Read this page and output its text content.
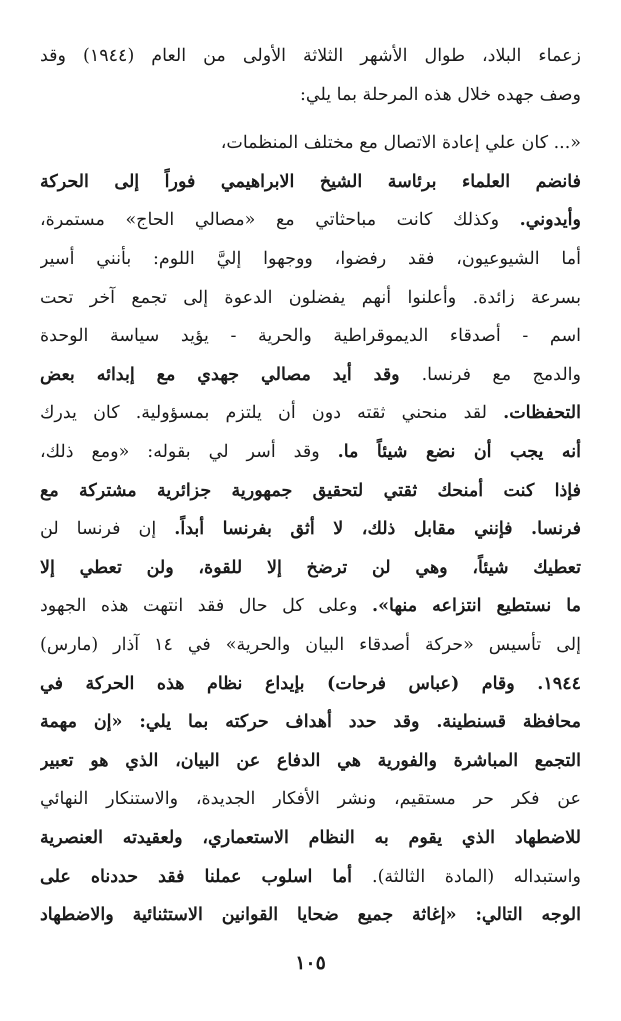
زعماء البلاد، طوال الأشهر الثلاثة الأولى من العام (١٩٤٤) وقد
وصف جهده خلال هذه المرحلة بما يلي:
«... كان علي إعادة الاتصال مع مختلف المنظمات،
فانضم العلماء برئاسة الشيخ الابراهيمي فوراً إلى الحركة
وأيدوني. وكذلك كانت مباحثاتي مع «مصالي الحاج» مستمرة،
أما الشيوعيون، فقد رفضوا، ووجهوا إليَّ اللوم: بأنني أسير
بسرعة زائدة. وأعلنوا أنهم يفضلون الدعوة إلى تجمع آخر تحت
اسم - أصدقاء الديموقراطية والحرية - يؤيد سياسة الوحدة
والدمج مع فرنسا. وقد أيد مصالي جهدي مع إبدائه بعض
التحفظات. لقد منحني ثقته دون أن يلتزم بمسؤولية. كان يدرك
أنه يجب أن نضع شيئاً ما. وقد أسر لي بقوله: «ومع ذلك،
فإذا كنت أمنحك ثقتي لتحقيق جمهورية جزائرية مشتركة مع
فرنسا. فإنني مقابل ذلك، لا أثق بفرنسا أبداً. إن فرنسا لن
تعطيك شيئاً، وهي لن ترضخ إلا للقوة، ولن تعطي إلا
ما نستطيع انتزاعه منها». وعلى كل حال فقد انتهت هذه الجهود
إلى تأسيس «حركة أصدقاء البيان والحرية» في ١٤ آذار (مارس)
١٩٤٤. وقام (عباس فرحات) بإيداع نظام هذه الحركة في
محافظة قسنطينة. وقد حدد أهداف حركته بما يلي: «إن مهمة
التجمع المباشرة والفورية هي الدفاع عن البيان، الذي هو تعبير
عن فكر حر مستقيم، ونشر الأفكار الجديدة، والاستنكار النهائي
للاضطهاد الذي يقوم به النظام الاستعماري، ولعقيدته العنصرية
واستبداله (المادة الثالثة). أما اسلوب عملنا فقد حددناه على
الوجه التالي: «إغاثة جميع ضحايا القوانين الاستثنائية والاضطهاد
١٠٥
